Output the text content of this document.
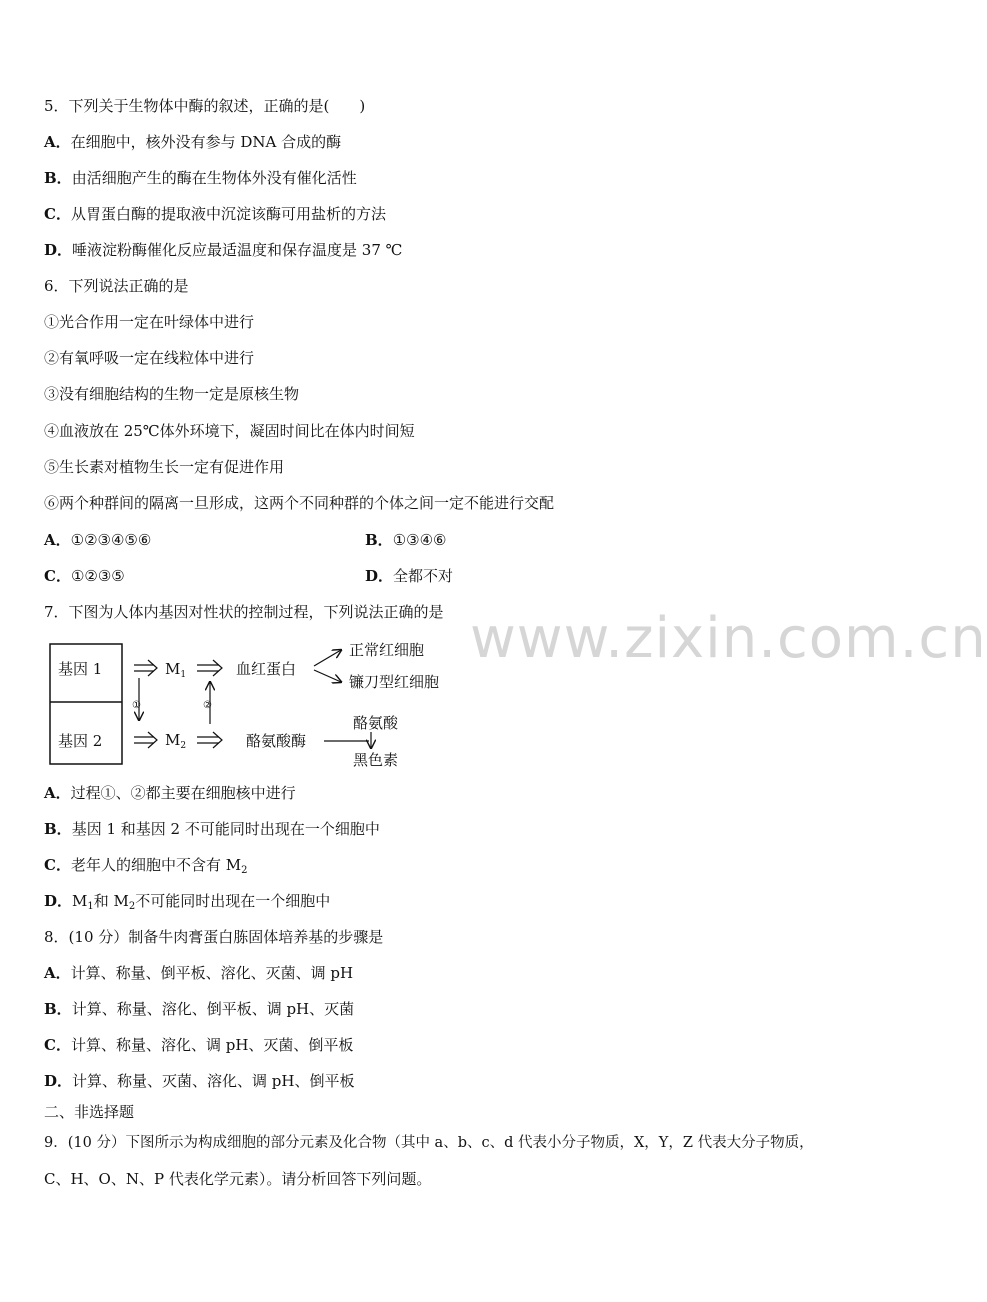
www.zixin.com.cn
5．下列关于生物体中酶的叙述，正确的是(　　)
A．在细胞中，核外没有参与 DNA 合成的酶
B．由活细胞产生的酶在生物体外没有催化活性
C．从胃蛋白酶的提取液中沉淀该酶可用盐析的方法
D．唾液淀粉酶催化反应最适温度和保存温度是 37 ℃
6．下列说法正确的是
①光合作用一定在叶绿体中进行
②有氧呼吸一定在线粒体中进行
③没有细胞结构的生物一定是原核生物
④血液放在 25℃体外环境下，凝固时间比在体内时间短
⑤生长素对植物生长一定有促进作用
⑥两个种群间的隔离一旦形成，这两个不同种群的个体之间一定不能进行交配
A．①②③④⑤⑥	B．①③④⑥
C．①②③⑤	D．全都不对
7．下图为人体内基因对性状的控制过程，下列说法正确的是
基因 1
基因 2
$M_1$	血红蛋白
正常红细胞
镰刀型红细胞
①	②
$M_2$	酪氨酸酶
酪氨酸
黑色素
A．过程①、②都主要在细胞核中进行
B．基因 1 和基因 2 不可能同时出现在一个细胞中
C．老年人的细胞中不含有 $M_2$
D．$M_1$和 $M_2$不可能同时出现在一个细胞中
8．(10 分）制备牛肉膏蛋白胨固体培养基的步骤是
A．计算、称量、倒平板、溶化、灭菌、调 pH
B．计算、称量、溶化、倒平板、调 pH、灭菌
C．计算、称量、溶化、调 pH、灭菌、倒平板
D．计算、称量、灭菌、溶化、调 pH、倒平板
二、非选择题
9．(10 分）下图所示为构成细胞的部分元素及化合物（其中 a、b、c、d 代表小分子物质，X，Y，Z 代表大分子物质，
C、H、O、N、P 代表化学元素）。请分析回答下列问题。
